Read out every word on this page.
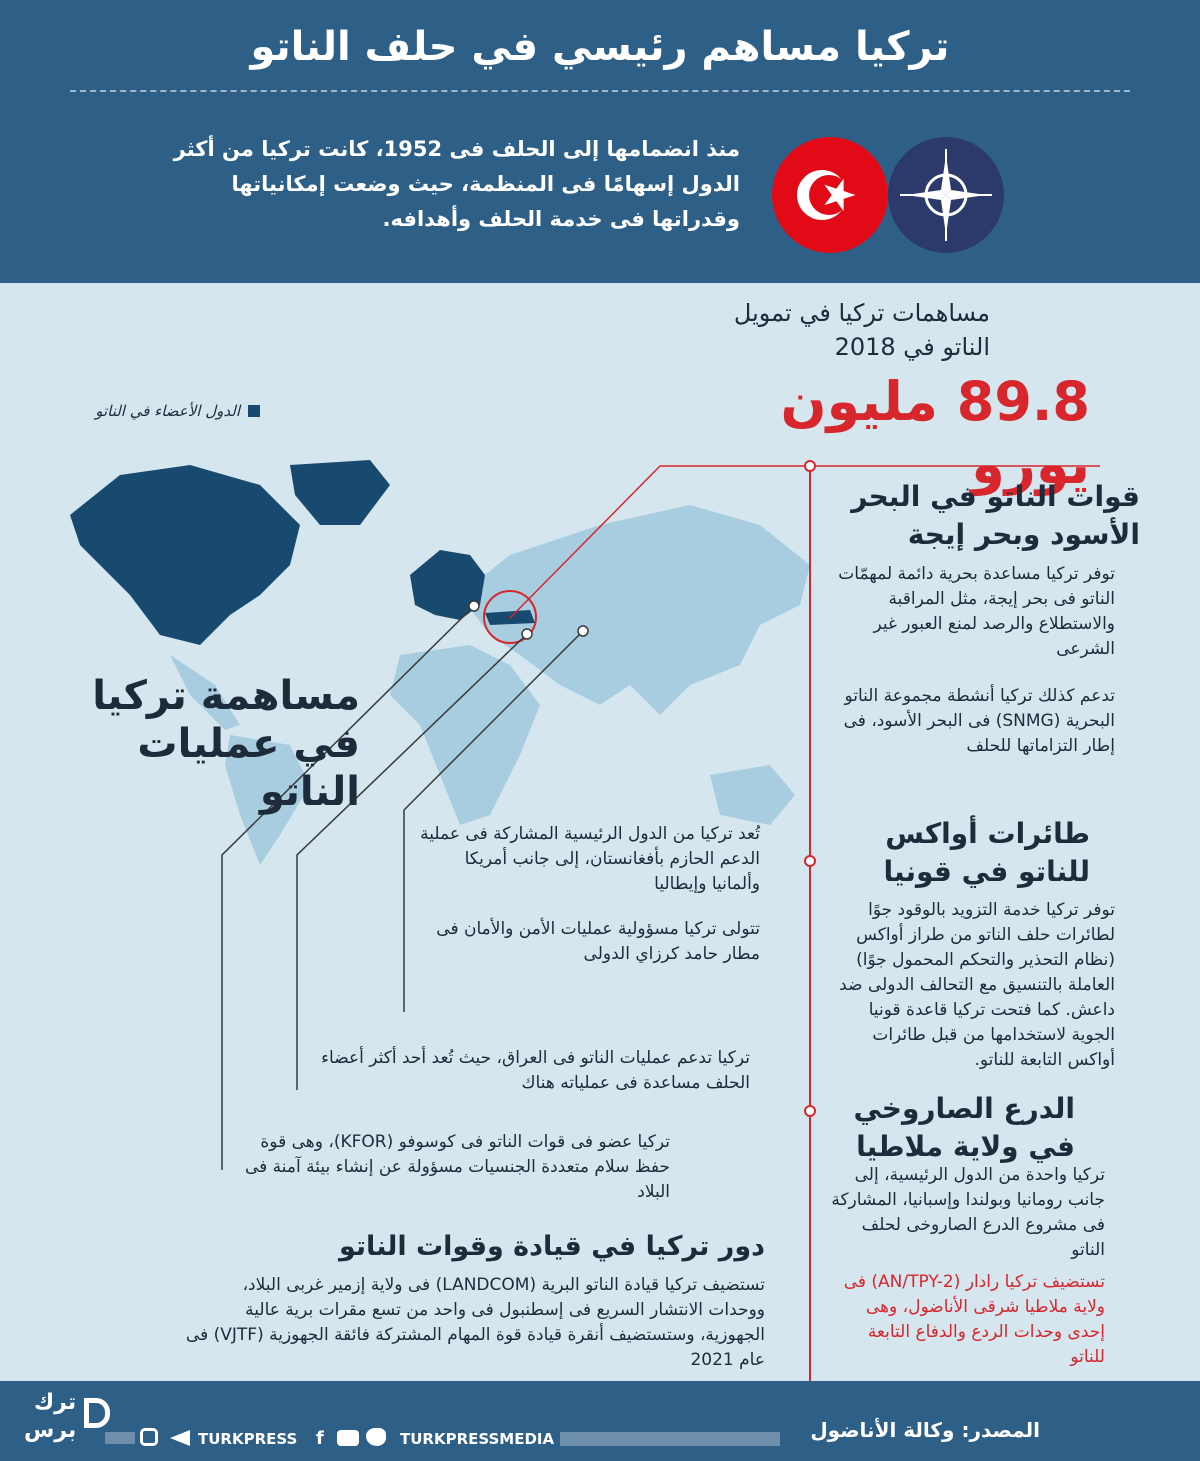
تركيا مساهم رئيسي في حلف الناتو
منذ انضمامها إلى الحلف فى 1952، كانت تركيا من أكثر الدول إسهامًا فى المنظمة، حيث وضعت إمكانياتها وقدراتها فى خدمة الحلف وأهدافه.
الدول الأعضاء في الناتو
مساهمات تركيا في تمويل الناتو في 2018
89.8 مليون يورو
مساهمة تركيا في عمليات الناتو
تُعد تركيا من الدول الرئيسية المشاركة فى عملية الدعم الحازم بأفغانستان، إلى جانب أمريكا وألمانيا وإيطاليا
تتولى تركيا مسؤولية عمليات الأمن والأمان فى مطار حامد كرزاي الدولى
تركيا تدعم عمليات الناتو فى العراق، حيث تُعد أحد أكثر أعضاء الحلف مساعدة فى عملياته هناك
تركيا عضو فى قوات الناتو فى كوسوفو (KFOR)، وهى قوة حفظ سلام متعددة الجنسيات مسؤولة عن إنشاء بيئة آمنة فى البلاد
دور تركيا في قيادة وقوات الناتو
تستضيف تركيا قيادة الناتو البرية (LANDCOM) فى ولاية إزمير غربى البلاد، ووحدات الانتشار السريع فى إسطنبول فى واحد من تسع مقرات برية عالية الجهوزية، وستستضيف أنقرة قيادة قوة المهام المشتركة فائقة الجهوزية (VJTF) فى عام 2021
قوات الناتو في البحر الأسود وبحر إيجة
توفر تركيا مساعدة بحرية دائمة لمهمّات الناتو فى بحر إيجة، مثل المراقبة والاستطلاع والرصد لمنع العبور غير الشرعى
تدعم كذلك تركيا أنشطة مجموعة الناتو البحرية (SNMG) فى البحر الأسود، فى إطار التزاماتها للحلف
طائرات أواكس للناتو في قونيا
توفر تركيا خدمة التزويد بالوقود جوًا لطائرات حلف الناتو من طراز أواكس (نظام التحذير والتحكم المحمول جوًا) العاملة بالتنسيق مع التحالف الدولى ضد داعش. كما فتحت تركيا قاعدة قونيا الجوية لاستخدامها من قبل طائرات أواكس التابعة للناتو.
الدرع الصاروخي في ولاية ملاطيا
تركيا واحدة من الدول الرئيسية، إلى جانب رومانيا وبولندا وإسبانيا، المشاركة فى مشروع الدرع الصاروخى لحلف الناتو
تستضيف تركيا رادار (AN/TPY-2) فى ولاية ملاطيا شرقى الأناضول، وهى إحدى وحدات الردع والدفاع التابعة للناتو
المصدر: وكالة الأناضول
TURKPRESSMEDIA
f
TURKPRESS
ترك
برس
